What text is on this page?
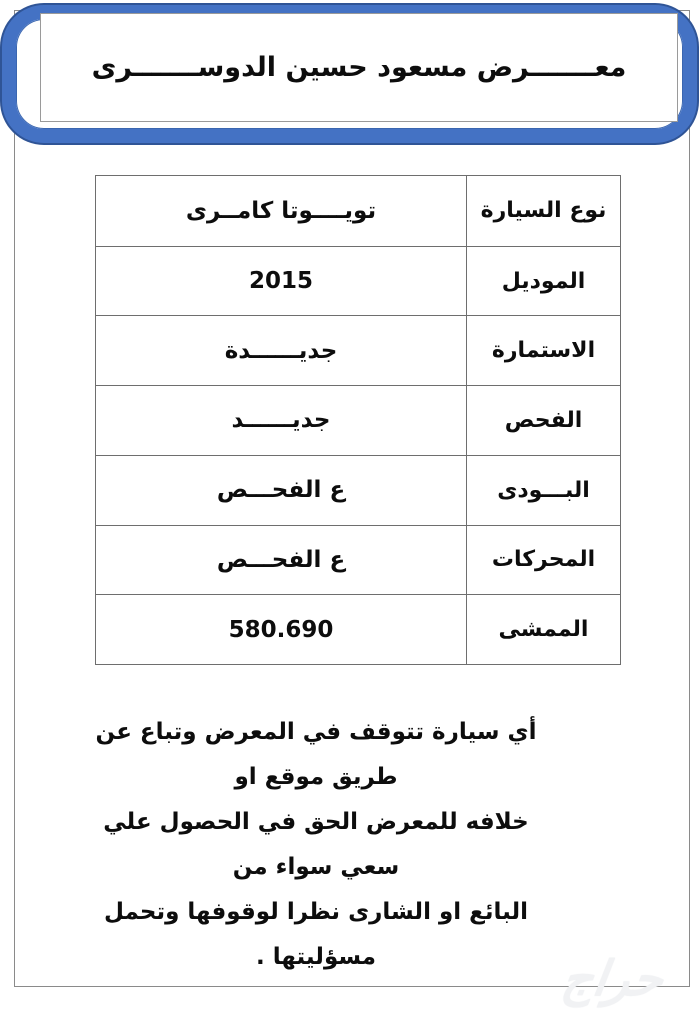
معـــــــرض مسعود حسين الدوســـــــرى
تويــــوتا كامــرى	نوع السيارة
2015	الموديل
جديــــــدة	الاستمارة
جديــــــد	الفحص
ع الفحـــص	البـــودى
ع الفحـــص	المحركات
580.690	الممشى
أي سيارة تتوقف في المعرض وتباع عن طريق موقع او
خلافه للمعرض الحق في الحصول علي سعي سواء من
البائع او الشارى نظرا لوقوفها وتحمل مسؤليتها .	حراج
